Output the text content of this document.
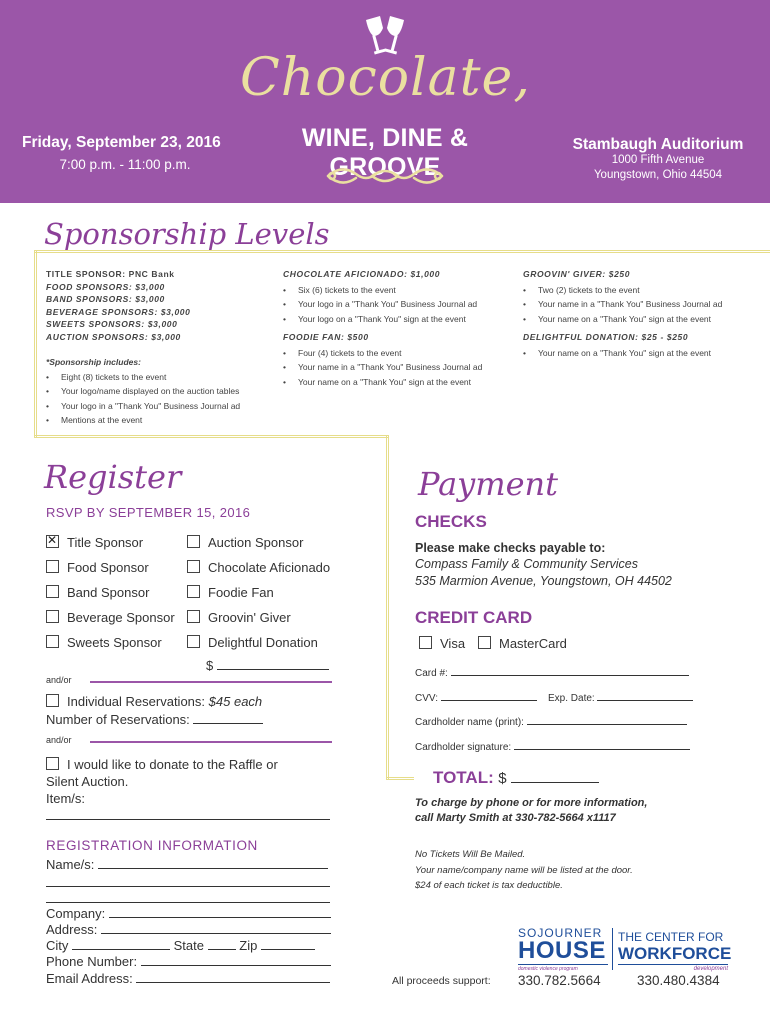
Chocolate,
WINE, DINE & GROOVE
Friday, September 23, 2016
7:00 p.m. - 11:00 p.m.
Stambaugh Auditorium
1000 Fifth Avenue
Youngstown, Ohio 44504
Sponsorship Levels
TITLE SPONSOR: PNC Bank
FOOD SPONSORS: $3,000
BAND SPONSORS: $3,000
BEVERAGE SPONSORS: $3,000
SWEETS SPONSORS: $3,000
AUCTION SPONSORS: $3,000
*Sponsorship includes:
• Eight (8) tickets to the event
• Your logo/name displayed on the auction tables
• Your logo in a "Thank You" Business Journal ad
• Mentions at the event
CHOCOLATE AFICIONADO: $1,000
• Six (6) tickets to the event
• Your logo in a "Thank You" Business Journal ad
• Your logo on a "Thank You" sign at the event
FOODIE FAN: $500
• Four (4) tickets to the event
• Your name in a "Thank You" Business Journal ad
• Your name on a "Thank You" sign at the event
GROOVIN' GIVER: $250
• Two (2) tickets to the event
• Your name in a "Thank You" Business Journal ad
• Your name on a "Thank You" sign at the event
DELIGHTFUL DONATION: $25 - $250
• Your name on a "Thank You" sign at the event
Register
RSVP BY SEPTEMBER 15, 2016
✕Title Sponsor
Food Sponsor
Band Sponsor
Beverage Sponsor
Sweets Sponsor
Auction Sponsor
Chocolate Aficionado
Foodie Fan
Groovin' Giver
Delightful Donation
$
and/or
Individual Reservations: $45 each
Number of Reservations:
and/or
I would like to donate to the Raffle or
Silent Auction.
Item/s:
REGISTRATION INFORMATION
Name/s:
Company:
Address:
City	State	Zip
Phone Number:
Email Address:
Payment
CHECKS
Please make checks payable to:
Compass Family & Community Services
535 Marmion Avenue, Youngstown, OH 44502
CREDIT CARD
Visa	MasterCard
Card #:
CVV:	Exp. Date:
Cardholder name (print):
Cardholder signature:
TOTAL: $
To charge by phone or for more information,
call Marty Smith at 330-782-5664 x1117
No Tickets Will Be Mailed.
Your name/company name will be listed at the door.
$24 of each ticket is tax deductible.
All proceeds support:
SOJOURNER
HOUSE
domestic violence program
330.782.5664
THE CENTER FOR
WORKFORCE
development
330.480.4384
